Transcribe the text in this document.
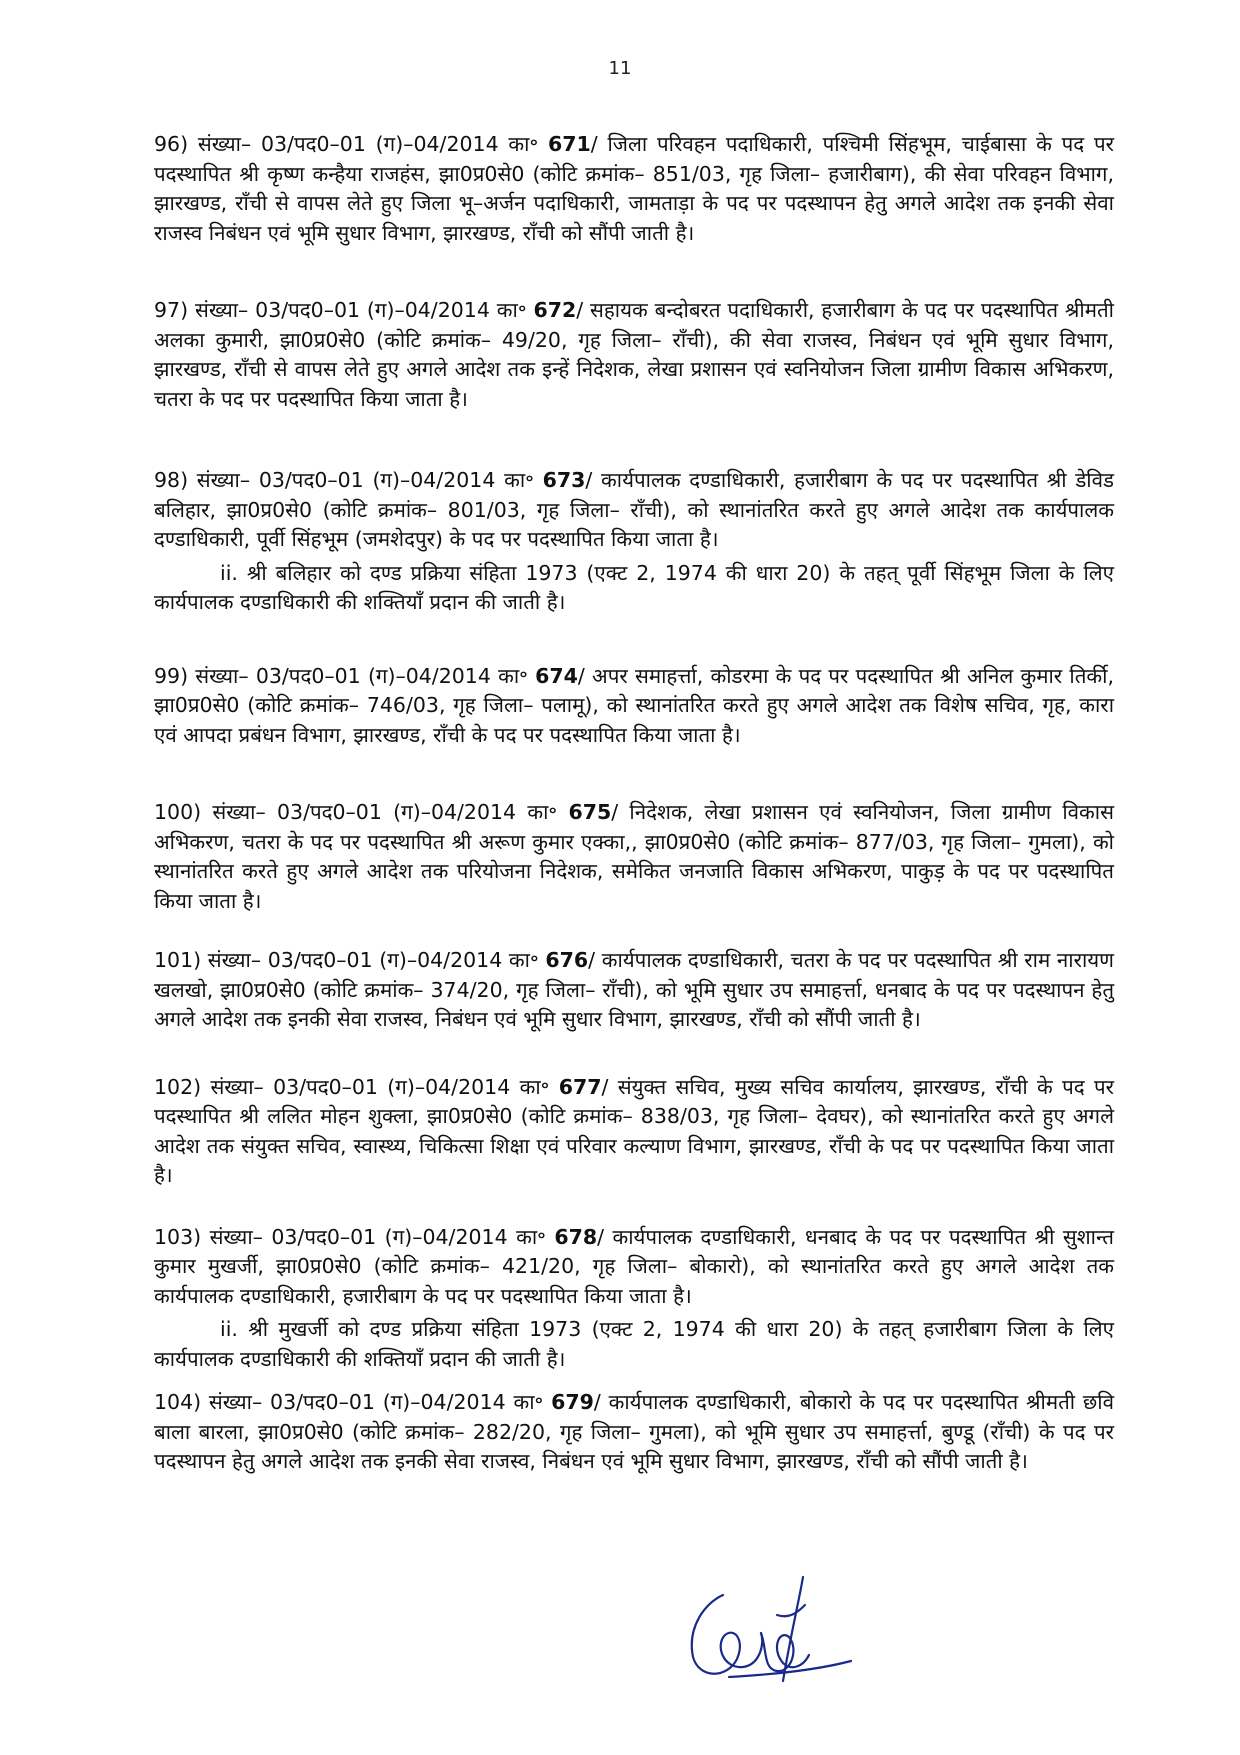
11

96) संख्या– 03/पद0–01 (ग)–04/2014 का॰ 671/ जिला परिवहन पदाधिकारी, पश्चिमी सिंहभूम, चाईबासा के पद पर पदस्थापित श्री कृष्ण कन्हैया राजहंस, झा0प्र0से0 (कोटि क्रमांक– 851/03, गृह जिला– हजारीबाग), की सेवा परिवहन विभाग, झारखण्ड, राँची से वापस लेते हुए जिला भू–अर्जन पदाधिकारी, जामताड़ा के पद पर पदस्थापन हेतु अगले आदेश तक इनकी सेवा राजस्व निबंधन एवं भूमि सुधार विभाग, झारखण्ड, राँची को सौंपी जाती है।

97) संख्या– 03/पद0–01 (ग)–04/2014 का॰ 672/ सहायक बन्दोबरत पदाधिकारी, हजारीबाग के पद पर पदस्थापित श्रीमती अलका कुमारी, झा0प्र0से0 (कोटि क्रमांक– 49/20, गृह जिला– राँची), की सेवा राजस्व, निबंधन एवं भूमि सुधार विभाग, झारखण्ड, राँची से वापस लेते हुए अगले आदेश तक इन्हें निदेशक, लेखा प्रशासन एवं स्वनियोजन जिला ग्रामीण विकास अभिकरण, चतरा के पद पर पदस्थापित किया जाता है।

98) संख्या– 03/पद0–01 (ग)–04/2014 का॰ 673/ कार्यपालक दण्डाधिकारी, हजारीबाग के पद पर पदस्थापित श्री डेविड बलिहार, झा0प्र0से0 (कोटि क्रमांक– 801/03, गृह जिला– राँची), को स्थानांतरित करते हुए अगले आदेश तक कार्यपालक दण्डाधिकारी, पूर्वी सिंहभूम (जमशेदपुर) के पद पर पदस्थापित किया जाता है।

ii. श्री बलिहार को दण्ड प्रक्रिया संहिता 1973 (एक्ट 2, 1974 की धारा 20) के तहत् पूर्वी सिंहभूम जिला के लिए कार्यपालक दण्डाधिकारी की शक्तियाँ प्रदान की जाती है।

99) संख्या– 03/पद0–01 (ग)–04/2014 का॰ 674/ अपर समाहर्त्ता, कोडरमा के पद पर पदस्थापित श्री अनिल कुमार तिर्की, झा0प्र0से0 (कोटि क्रमांक– 746/03, गृह जिला– पलामू), को स्थानांतरित करते हुए अगले आदेश तक विशेष सचिव, गृह, कारा एवं आपदा प्रबंधन विभाग, झारखण्ड, राँची के पद पर पदस्थापित किया जाता है।

100) संख्या– 03/पद0–01 (ग)–04/2014 का॰ 675/ निदेशक, लेखा प्रशासन एवं स्वनियोजन, जिला ग्रामीण विकास अभिकरण, चतरा के पद पर पदस्थापित श्री अरूण कुमार एक्का,, झा0प्र0से0 (कोटि क्रमांक– 877/03, गृह जिला– गुमला), को स्थानांतरित करते हुए अगले आदेश तक परियोजना निदेशक, समेकित जनजाति विकास अभिकरण, पाकुड़ के पद पर पदस्थापित किया जाता है।

101) संख्या– 03/पद0–01 (ग)–04/2014 का॰ 676/ कार्यपालक दण्डाधिकारी, चतरा के पद पर पदस्थापित श्री राम नारायण खलखो, झा0प्र0से0 (कोटि क्रमांक– 374/20, गृह जिला– राँची), को भूमि सुधार उप समाहर्त्ता, धनबाद के पद पर पदस्थापन हेतु अगले आदेश तक इनकी सेवा राजस्व, निबंधन एवं भूमि सुधार विभाग, झारखण्ड, राँची को सौंपी जाती है।

102) संख्या– 03/पद0–01 (ग)–04/2014 का॰ 677/ संयुक्त सचिव, मुख्य सचिव कार्यालय, झारखण्ड, राँची के पद पर पदस्थापित श्री ललित मोहन शुक्ला, झा0प्र0से0 (कोटि क्रमांक– 838/03, गृह जिला– देवघर), को स्थानांतरित करते हुए अगले आदेश तक संयुक्त सचिव, स्वास्थ्य, चिकित्सा शिक्षा एवं परिवार कल्याण विभाग, झारखण्ड, राँची के पद पर पदस्थापित किया जाता है।

103) संख्या– 03/पद0–01 (ग)–04/2014 का॰ 678/ कार्यपालक दण्डाधिकारी, धनबाद के पद पर पदस्थापित श्री सुशान्त कुमार मुखर्जी, झा0प्र0से0 (कोटि क्रमांक– 421/20, गृह जिला– बोकारो), को स्थानांतरित करते हुए अगले आदेश तक कार्यपालक दण्डाधिकारी, हजारीबाग के पद पर पदस्थापित किया जाता है।

ii. श्री मुखर्जी को दण्ड प्रक्रिया संहिता 1973 (एक्ट 2, 1974 की धारा 20) के तहत् हजारीबाग जिला के लिए कार्यपालक दण्डाधिकारी की शक्तियाँ प्रदान की जाती है।

104) संख्या– 03/पद0–01 (ग)–04/2014 का॰ 679/ कार्यपालक दण्डाधिकारी, बोकारो के पद पर पदस्थापित श्रीमती छवि बाला बारला, झा0प्र0से0 (कोटि क्रमांक– 282/20, गृह जिला– गुमला), को भूमि सुधार उप समाहर्त्ता, बुण्डू (राँची) के पद पर पदस्थापन हेतु अगले आदेश तक इनकी सेवा राजस्व, निबंधन एवं भूमि सुधार विभाग, झारखण्ड, राँची को सौंपी जाती है।
